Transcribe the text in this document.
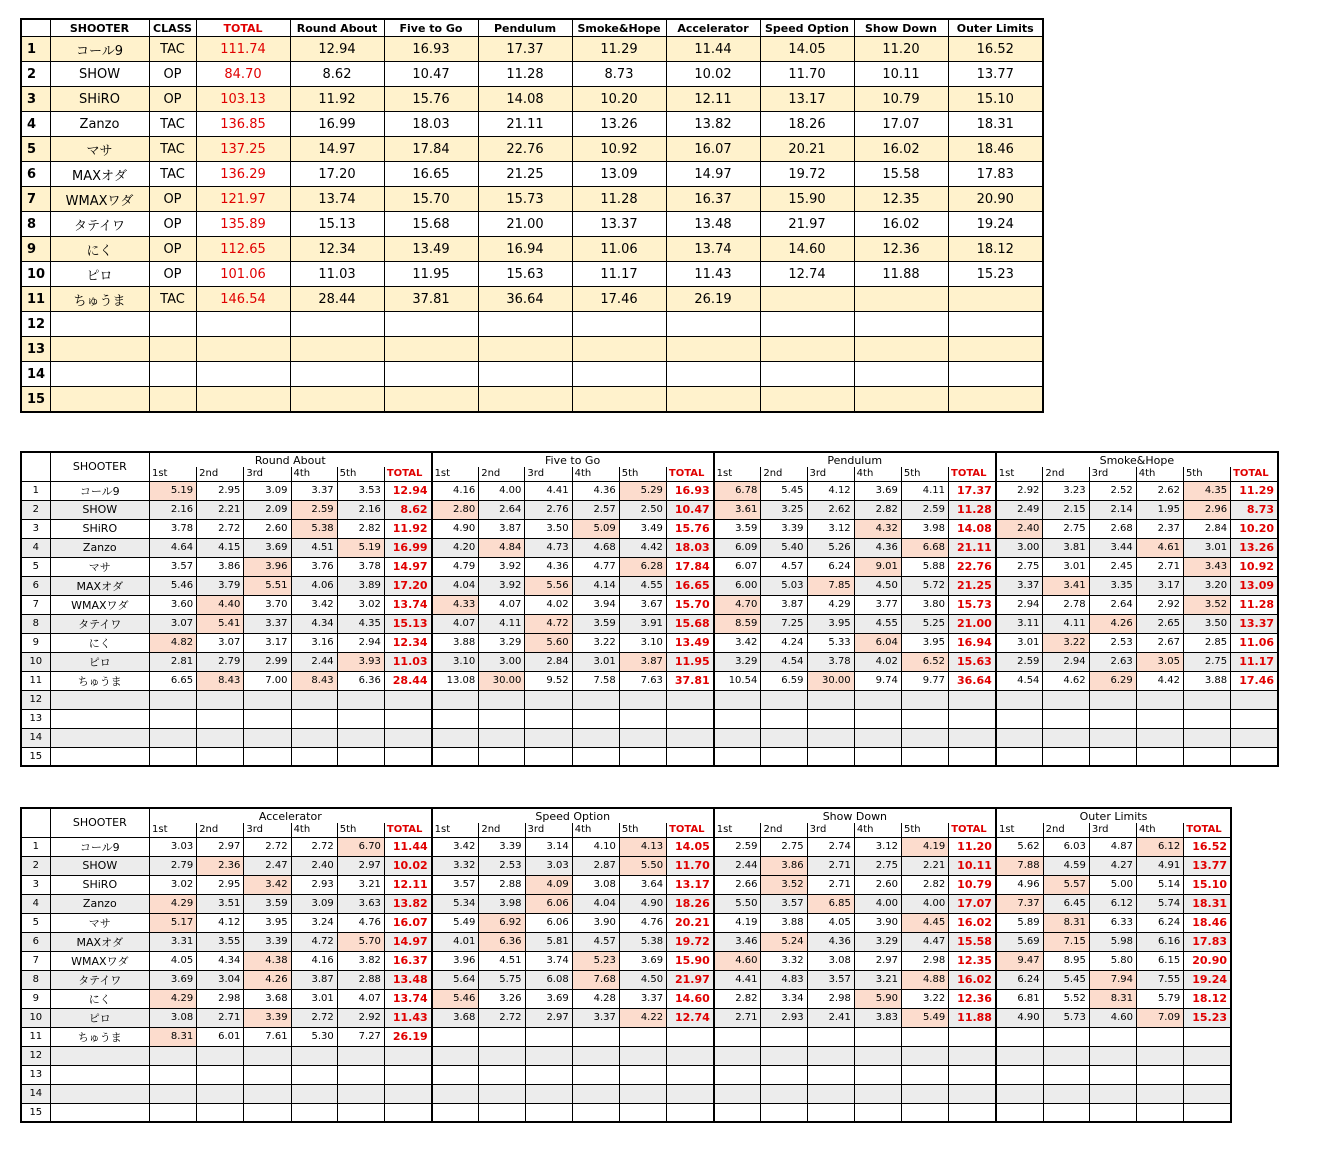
	SHOOTER	CLASS	TOTAL	Round About	Five to Go	Pendulum	Smoke&Hope	Accelerator	Speed Option	Show Down	Outer Limits
1	コール9	TAC	111.74	12.94	16.93	17.37	11.29	11.44	14.05	11.20	16.52
2	SHOW	OP	84.70	8.62	10.47	11.28	8.73	10.02	11.70	10.11	13.77
3	SHiRO	OP	103.13	11.92	15.76	14.08	10.20	12.11	13.17	10.79	15.10
4	Zanzo	TAC	136.85	16.99	18.03	21.11	13.26	13.82	18.26	17.07	18.31
5	マサ	TAC	137.25	14.97	17.84	22.76	10.92	16.07	20.21	16.02	18.46
6	MAXオダ	TAC	136.29	17.20	16.65	21.25	13.09	14.97	19.72	15.58	17.83
7	WMAXワダ	OP	121.97	13.74	15.70	15.73	11.28	16.37	15.90	12.35	20.90
8	タテイワ	OP	135.89	15.13	15.68	21.00	13.37	13.48	21.97	16.02	19.24
9	にく	OP	112.65	12.34	13.49	16.94	11.06	13.74	14.60	12.36	18.12
10	ピロ	OP	101.06	11.03	11.95	15.63	11.17	11.43	12.74	11.88	15.23
11	ちゅうま	TAC	146.54	28.44	37.81	36.64	17.46	26.19			
12											
13											
14											
15											
	SHOOTER	Round About						Five to Go						Pendulum						Smoke&Hope					
		1st	2nd	3rd	4th	5th	TOTAL	1st	2nd	3rd	4th	5th	TOTAL	1st	2nd	3rd	4th	5th	TOTAL	1st	2nd	3rd	4th	5th	TOTAL
1	コール9	5.19	2.95	3.09	3.37	3.53	12.94	4.16	4.00	4.41	4.36	5.29	16.93	6.78	5.45	4.12	3.69	4.11	17.37	2.92	3.23	2.52	2.62	4.35	11.29
2	SHOW	2.16	2.21	2.09	2.59	2.16	8.62	2.80	2.64	2.76	2.57	2.50	10.47	3.61	3.25	2.62	2.82	2.59	11.28	2.49	2.15	2.14	1.95	2.96	8.73
3	SHiRO	3.78	2.72	2.60	5.38	2.82	11.92	4.90	3.87	3.50	5.09	3.49	15.76	3.59	3.39	3.12	4.32	3.98	14.08	2.40	2.75	2.68	2.37	2.84	10.20
4	Zanzo	4.64	4.15	3.69	4.51	5.19	16.99	4.20	4.84	4.73	4.68	4.42	18.03	6.09	5.40	5.26	4.36	6.68	21.11	3.00	3.81	3.44	4.61	3.01	13.26
5	マサ	3.57	3.86	3.96	3.76	3.78	14.97	4.79	3.92	4.36	4.77	6.28	17.84	6.07	4.57	6.24	9.01	5.88	22.76	2.75	3.01	2.45	2.71	3.43	10.92
6	MAXオダ	5.46	3.79	5.51	4.06	3.89	17.20	4.04	3.92	5.56	4.14	4.55	16.65	6.00	5.03	7.85	4.50	5.72	21.25	3.37	3.41	3.35	3.17	3.20	13.09
7	WMAXワダ	3.60	4.40	3.70	3.42	3.02	13.74	4.33	4.07	4.02	3.94	3.67	15.70	4.70	3.87	4.29	3.77	3.80	15.73	2.94	2.78	2.64	2.92	3.52	11.28
8	タテイワ	3.07	5.41	3.37	4.34	4.35	15.13	4.07	4.11	4.72	3.59	3.91	15.68	8.59	7.25	3.95	4.55	5.25	21.00	3.11	4.11	4.26	2.65	3.50	13.37
9	にく	4.82	3.07	3.17	3.16	2.94	12.34	3.88	3.29	5.60	3.22	3.10	13.49	3.42	4.24	5.33	6.04	3.95	16.94	3.01	3.22	2.53	2.67	2.85	11.06
10	ピロ	2.81	2.79	2.99	2.44	3.93	11.03	3.10	3.00	2.84	3.01	3.87	11.95	3.29	4.54	3.78	4.02	6.52	15.63	2.59	2.94	2.63	3.05	2.75	11.17
11	ちゅうま	6.65	8.43	7.00	8.43	6.36	28.44	13.08	30.00	9.52	7.58	7.63	37.81	10.54	6.59	30.00	9.74	9.77	36.64	4.54	4.62	6.29	4.42	3.88	17.46
12																									
13																									
14																									
15																									
	SHOOTER	Accelerator						Speed Option						Show Down						Outer Limits				
		1st	2nd	3rd	4th	5th	TOTAL	1st	2nd	3rd	4th	5th	TOTAL	1st	2nd	3rd	4th	5th	TOTAL	1st	2nd	3rd	4th	TOTAL
1	コール9	3.03	2.97	2.72	2.72	6.70	11.44	3.42	3.39	3.14	4.10	4.13	14.05	2.59	2.75	2.74	3.12	4.19	11.20	5.62	6.03	4.87	6.12	16.52
2	SHOW	2.79	2.36	2.47	2.40	2.97	10.02	3.32	2.53	3.03	2.87	5.50	11.70	2.44	3.86	2.71	2.75	2.21	10.11	7.88	4.59	4.27	4.91	13.77
3	SHiRO	3.02	2.95	3.42	2.93	3.21	12.11	3.57	2.88	4.09	3.08	3.64	13.17	2.66	3.52	2.71	2.60	2.82	10.79	4.96	5.57	5.00	5.14	15.10
4	Zanzo	4.29	3.51	3.59	3.09	3.63	13.82	5.34	3.98	6.06	4.04	4.90	18.26	5.50	3.57	6.85	4.00	4.00	17.07	7.37	6.45	6.12	5.74	18.31
5	マサ	5.17	4.12	3.95	3.24	4.76	16.07	5.49	6.92	6.06	3.90	4.76	20.21	4.19	3.88	4.05	3.90	4.45	16.02	5.89	8.31	6.33	6.24	18.46
6	MAXオダ	3.31	3.55	3.39	4.72	5.70	14.97	4.01	6.36	5.81	4.57	5.38	19.72	3.46	5.24	4.36	3.29	4.47	15.58	5.69	7.15	5.98	6.16	17.83
7	WMAXワダ	4.05	4.34	4.38	4.16	3.82	16.37	3.96	4.51	3.74	5.23	3.69	15.90	4.60	3.32	3.08	2.97	2.98	12.35	9.47	8.95	5.80	6.15	20.90
8	タテイワ	3.69	3.04	4.26	3.87	2.88	13.48	5.64	5.75	6.08	7.68	4.50	21.97	4.41	4.83	3.57	3.21	4.88	16.02	6.24	5.45	7.94	7.55	19.24
9	にく	4.29	2.98	3.68	3.01	4.07	13.74	5.46	3.26	3.69	4.28	3.37	14.60	2.82	3.34	2.98	5.90	3.22	12.36	6.81	5.52	8.31	5.79	18.12
10	ピロ	3.08	2.71	3.39	2.72	2.92	11.43	3.68	2.72	2.97	3.37	4.22	12.74	2.71	2.93	2.41	3.83	5.49	11.88	4.90	5.73	4.60	7.09	15.23
11	ちゅうま	8.31	6.01	7.61	5.30	7.27	26.19																	
12																								
13																								
14																								
15																								
